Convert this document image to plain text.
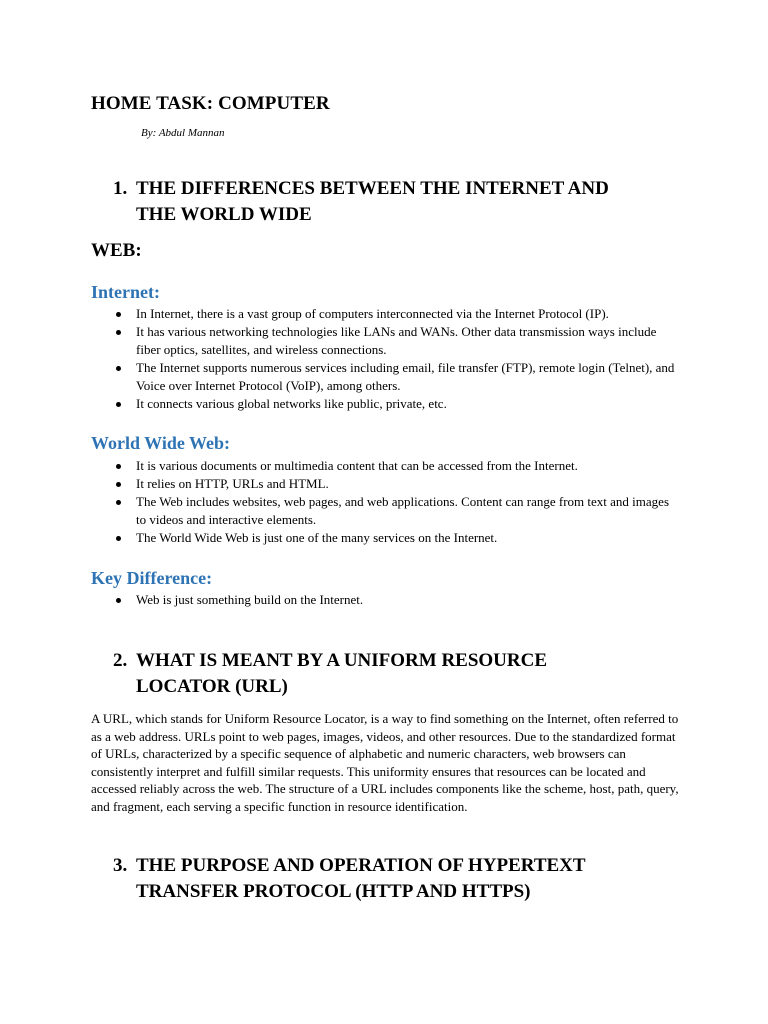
HOME TASK: COMPUTER

By: Abdul Mannan

1. THE DIFFERENCES BETWEEN THE INTERNET AND
THE WORLD WIDE

WEB:

Internet:
In Internet, there is a vast group of computers interconnected via the Internet Protocol (IP).
It has various networking technologies like LANs and WANs. Other data transmission ways include fiber optics, satellites, and wireless connections.
The Internet supports numerous services including email, file transfer (FTP), remote login (Telnet), and Voice over Internet Protocol (VoIP), among others.
It connects various global networks like public, private, etc.
World Wide Web:
It is various documents or multimedia content that can be accessed from the Internet.
It relies on HTTP, URLs and HTML.
The Web includes websites, web pages, and web applications. Content can range from text and images to videos and interactive elements.
The World Wide Web is just one of the many services on the Internet.
Key Difference:
Web is just something build on the Internet.
2. WHAT IS MEANT BY A UNIFORM RESOURCE
LOCATOR (URL)

A URL, which stands for Uniform Resource Locator, is a way to find something on the Internet, often referred to as a web address. URLs point to web pages, images, videos, and other resources. Due to the standardized format of URLs, characterized by a specific sequence of alphabetic and numeric characters, web browsers can consistently interpret and fulfill similar requests. This uniformity ensures that resources can be located and accessed reliably across the web. The structure of a URL includes components like the scheme, host, path, query, and fragment, each serving a specific function in resource identification.

3. THE PURPOSE AND OPERATION OF HYPERTEXT
TRANSFER PROTOCOL (HTTP AND HTTPS)
